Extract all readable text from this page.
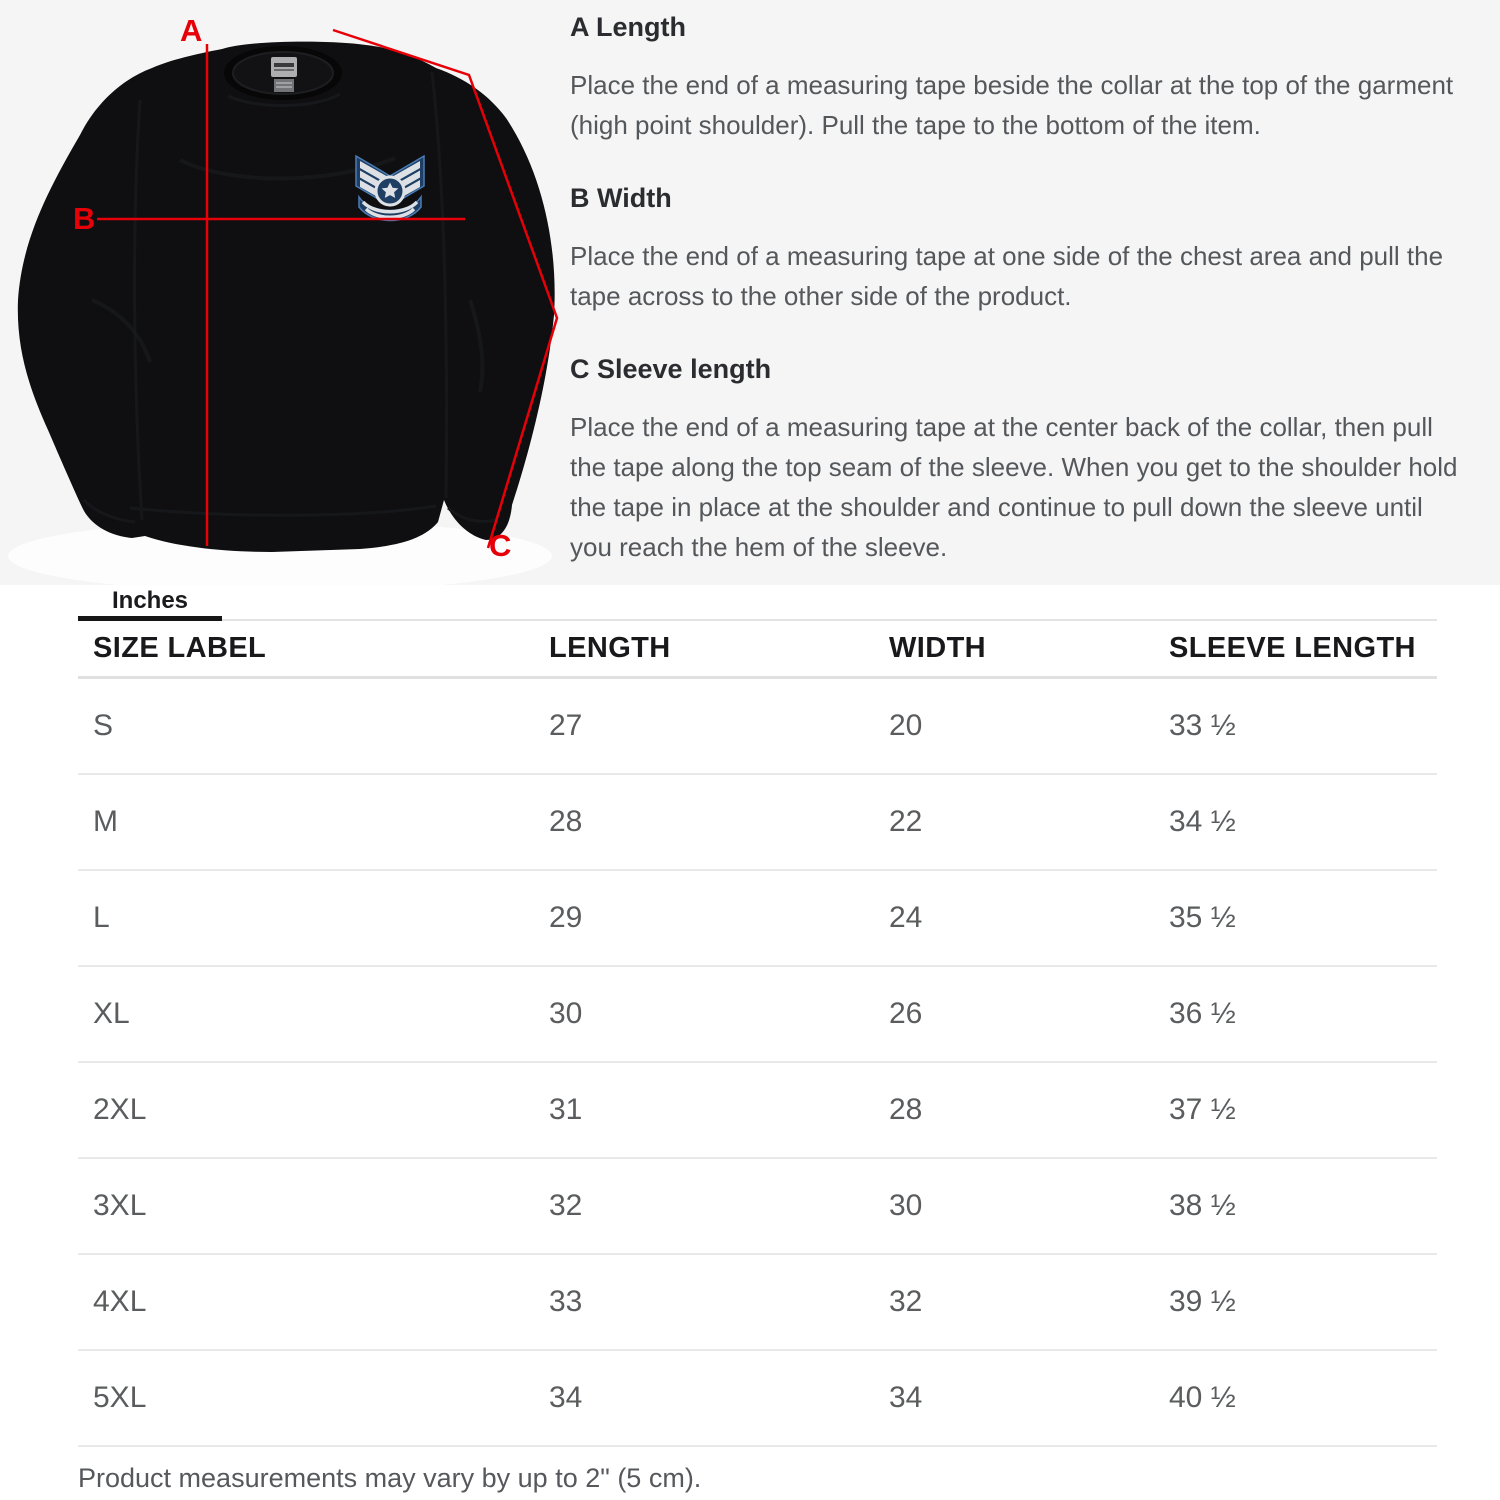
A
B
C
A Length

Place the end of a measuring tape beside the collar at the top of the garment (high point shoulder). Pull the tape to the bottom of the item.

B Width

Place the end of a measuring tape at one side of the chest area and pull the tape across to the other side of the product.

C Sleeve length

Place the end of a measuring tape at the center back of the collar, then pull the tape along the top seam of the sleeve. When you get to the shoulder hold the tape in place at the shoulder and continue to pull down the sleeve until you reach the hem of the sleeve.

Inches
SIZE LABEL	LENGTH	WIDTH	SLEEVE LENGTH
S	27	20	33 ½
M	28	22	34 ½
L	29	24	35 ½
XL	30	26	36 ½
2XL	31	28	37 ½
3XL	32	30	38 ½
4XL	33	32	39 ½
5XL	34	34	40 ½
Product measurements may vary by up to 2" (5 cm).
